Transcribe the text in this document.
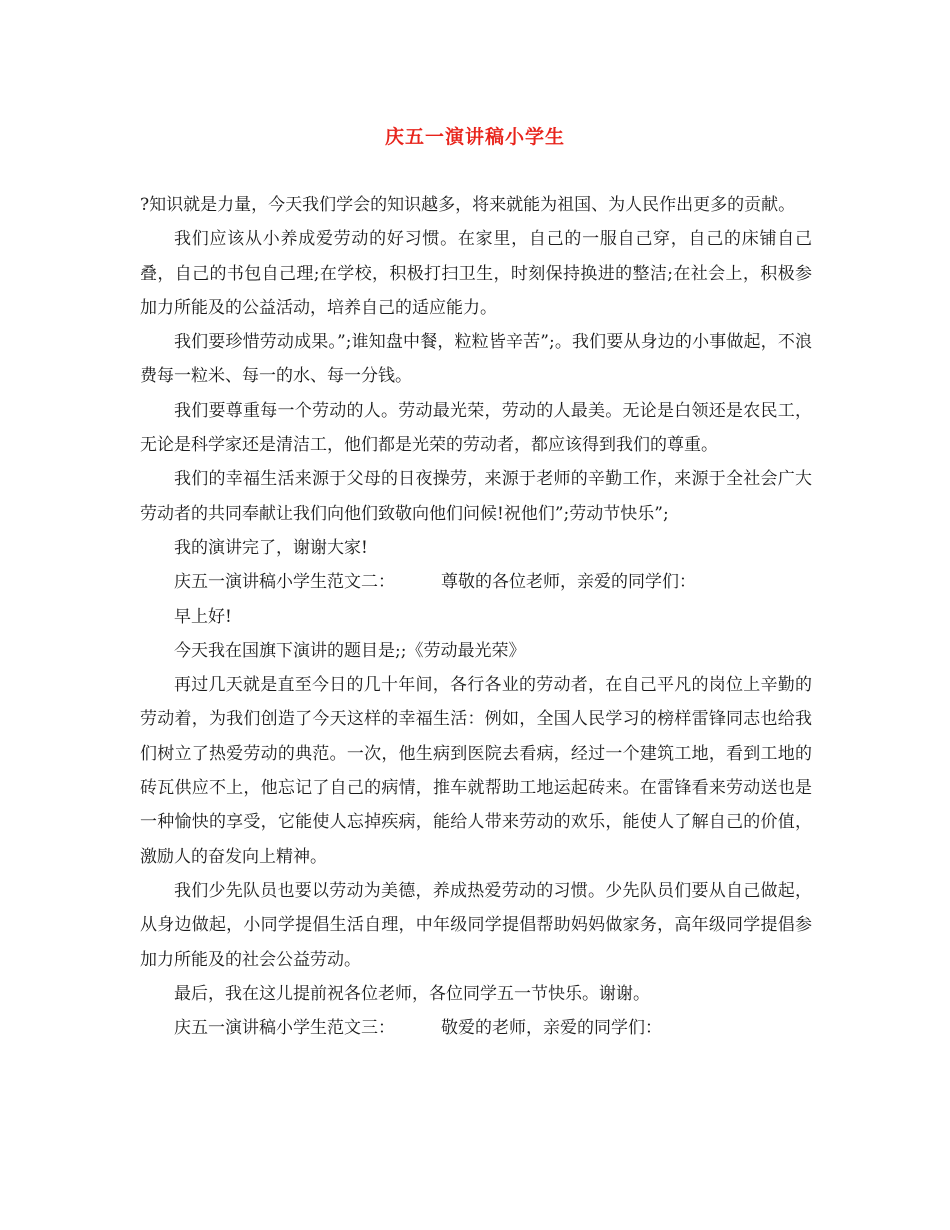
庆五一演讲稿小学生

?知识就是力量，今天我们学会的知识越多，将来就能为祖国、为人民作出更多的贡献。

我们应该从小养成爱劳动的好习惯。在家里，自己的一服自己穿，自己的床铺自己叠，自己的书包自己理;在学校，积极打扫卫生，时刻保持换进的整洁;在社会上，积极参加力所能及的公益活动，培养自己的适应能力。

我们要珍惜劳动成果。”;谁知盘中餐，粒粒皆辛苦”;。我们要从身边的小事做起，不浪费每一粒米、每一的水、每一分钱。

我们要尊重每一个劳动的人。劳动最光荣，劳动的人最美。无论是白领还是农民工，无论是科学家还是清洁工，他们都是光荣的劳动者，都应该得到我们的尊重。

我们的幸福生活来源于父母的日夜操劳，来源于老师的辛勤工作，来源于全社会广大劳动者的共同奉献让我们向他们致敬向他们问候!祝他们”;劳动节快乐”;

我的演讲完了，谢谢大家!

庆五一演讲稿小学生范文二：	尊敬的各位老师，亲爱的同学们：

早上好!

今天我在国旗下演讲的题目是;;《劳动最光荣》

再过几天就是直至今日的几十年间，各行各业的劳动者，在自己平凡的岗位上辛勤的劳动着，为我们创造了今天这样的幸福生活：例如，全国人民学习的榜样雷锋同志也给我们树立了热爱劳动的典范。一次，他生病到医院去看病，经过一个建筑工地，看到工地的砖瓦供应不上，他忘记了自己的病情，推车就帮助工地运起砖来。在雷锋看来劳动送也是一种愉快的享受，它能使人忘掉疾病，能给人带来劳动的欢乐，能使人了解自己的价值，激励人的奋发向上精神。

我们少先队员也要以劳动为美德，养成热爱劳动的习惯。少先队员们要从自己做起，从身边做起，小同学提倡生活自理，中年级同学提倡帮助妈妈做家务，高年级同学提倡参加力所能及的社会公益劳动。

最后，我在这儿提前祝各位老师，各位同学五一节快乐。谢谢。

庆五一演讲稿小学生范文三：	敬爱的老师，亲爱的同学们：
